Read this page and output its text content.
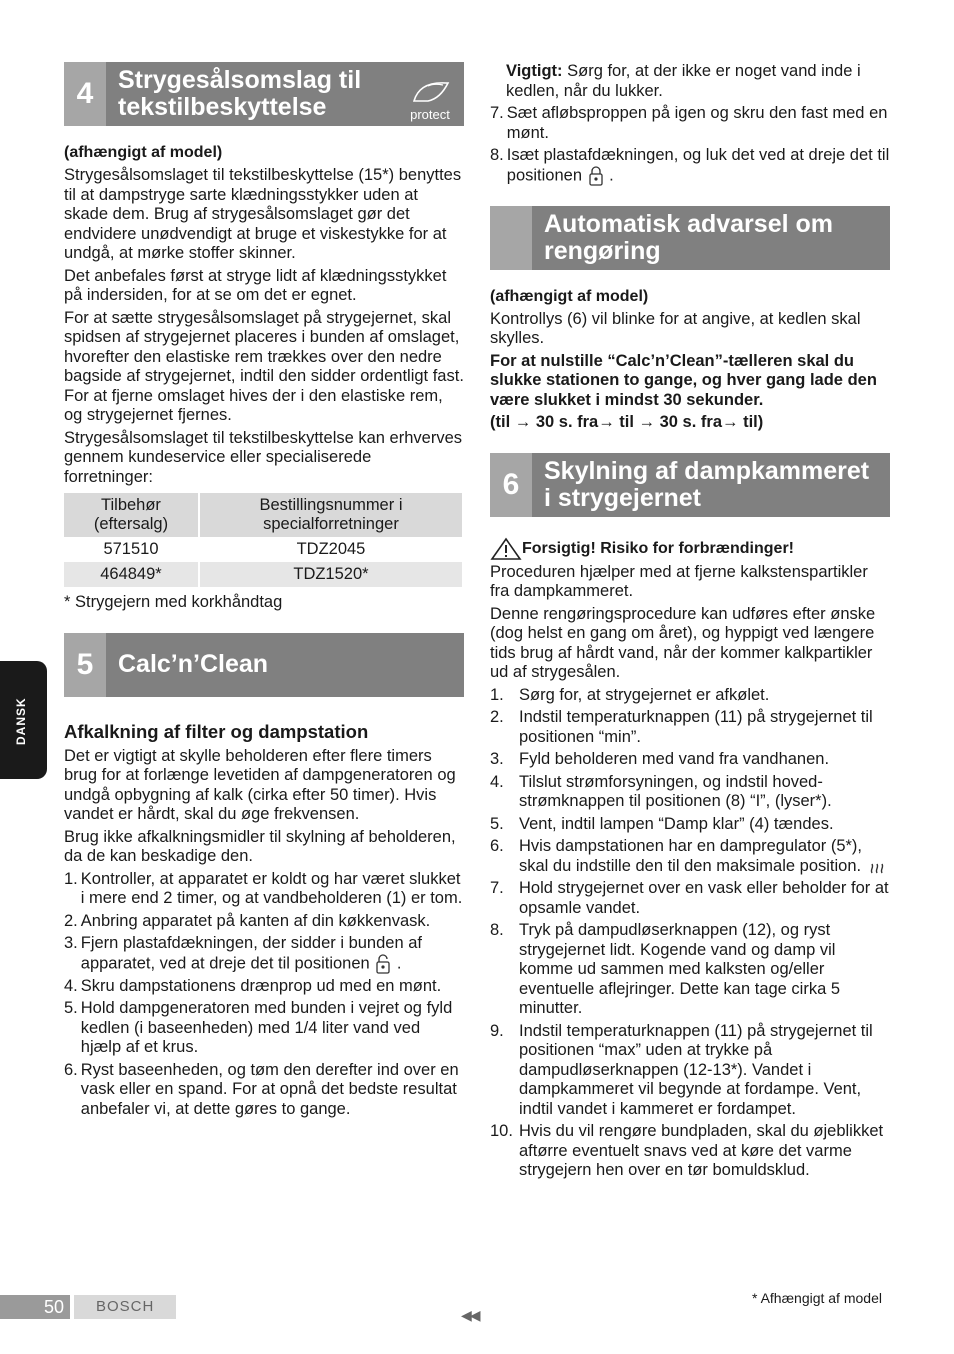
4 Strygesålsomslag til
tekstilbeskyttelse	protect
(afhængigt af model)

Strygesålsomslaget til tekstilbeskyttelse (15*) benyttes til at dampstryge sarte klædningsstykker uden at skade dem. Brug af strygesålsomslaget gør det endvidere unødvendigt at bruge et viskestykke for at undgå, at mørke stoffer skinner.

Det anbefales først at stryge lidt af klædningsstykket på indersiden, for at se om det er egnet.

For at sætte strygesålsomslaget på strygejernet, skal spidsen af strygejernet placeres i bunden af omslaget, hvorefter den elastiske rem trækkes over den nedre bagside af strygejernet, indtil den sidder ordentligt fast. For at fjerne omslaget hives der i den elastiske rem, og strygejernet fjernes.

Strygesålsomslaget til tekstilbeskyttelse kan erhverves gennem kundeservice eller specialiserede forretninger:

Tilbehør (eftersalg)	Bestillingsnummer i specialforretninger
571510	TDZ2045
464849*	TDZ1520*

* Strygejern med korkhåndtag

5 Calc’n’Clean
Afkalkning af filter og dampstation

Det er vigtigt at skylle beholderen efter flere timers brug for at forlænge levetiden af dampgeneratoren og undgå opbygning af kalk (cirka efter 50 timer). Hvis vandet er hårdt, skal du øge frekvensen.

Brug ikke afkalkningsmidler til skylning af beholderen, da de kan beskadige den.

1. Kontroller, at apparatet er koldt og har været slukket i mere end 2 timer, og at vandbeholderen (1) er tom.
2. Anbring apparatet på kanten af din køkkenvask.
3. Fjern plastafdækningen, der sidder i bunden af apparatet, ved at dreje det til positionen  .
4. Skru dampstationens drænprop ud med en mønt.
5. Hold dampgeneratoren med bunden i vejret og fyld kedlen (i baseenheden) med 1/4 liter vand ved hjælp af et krus.
6. Ryst baseenheden, og tøm den derefter ind over en vask eller en spand. For at opnå det bedste resultat anbefaler vi, at dette gøres to gange.

Vigtigt: Sørg for, at der ikke er noget vand inde i kedlen, når du lukker.

7. Sæt afløbsproppen på igen og skru den fast med en mønt.
8. Isæt plastafdækningen, og luk det ved at dreje det til positionen  .
Automatisk advarsel om
rengøring
(afhængigt af model)

Kontrollys (6) vil blinke for at angive, at kedlen skal skylles.

For at nulstille “Calc’n’Clean”-tælleren skal du slukke stationen to gange, og hver gang lade den være slukket i mindst 30 sekunder.

(til → 30 s. fra→ til → 30 s. fra→ til)

6 Skylning af dampkammeret
i strygejernet
Forsigtig! Risiko for forbrændinger!

Proceduren hjælper med at fjerne kalkstenspartikler fra dampkammeret.

Denne rengøringsprocedure kan udføres efter ønske (dog helst en gang om året), og hyppigt ved længere tids brug af hårdt vand, når der kommer kalkpartikler ud af strygesålen.

1. Sørg for, at strygejernet er afkølet.
2. Indstil temperaturknappen (11) på strygejernet til positionen “min”.
3. Fyld beholderen med vand fra vandhanen.
4. Tilslut strømforsyningen, og indstil hoved-strømknappen til positionen (8) “I”, (lyser*).
5. Vent, indtil lampen “Damp klar” (4) tændes.
6. Hvis dampstationen har en dampregulator (5*), skal du indstille den til den maksimale position.
7. Hold strygejernet over en vask eller beholder for at opsamle vandet.
8. Tryk på dampudløserknappen (12), og ryst strygejernet lidt. Kogende vand og damp vil komme ud sammen med kalksten og/eller eventuelle aflejringer. Dette kan tage cirka 5 minutter.
9. Indstil temperaturknappen (11) på strygejernet til positionen “max” uden at trykke på dampudløserknappen (12-13*). Vandet i dampkammeret vil begynde at fordampe. Vent, indtil vandet i kammeret er fordampet.
10. Hvis du vil rengøre bundpladen, skal du øjeblikket aftørre eventuelt snavs ved at køre det varme strygejern hen over en tør bomuldsklud.
DANSK
50	BOSCH	◀◀
* Afhængigt af model
